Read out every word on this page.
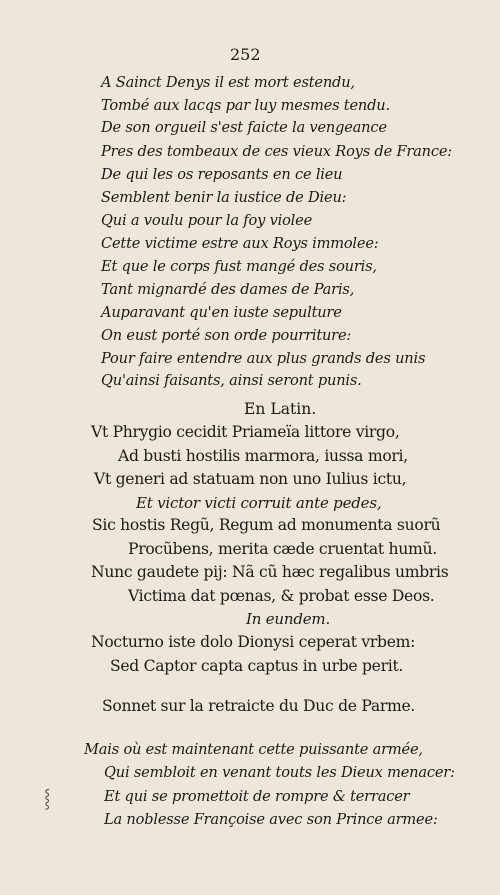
252
A Sainct Denys il est mort estendu,
Tombé aux lacqs par luy mesmes tendu.
De son orgueil s'est faicte la vengeance
Pres des tombeaux de ces vieux Roys de France:
De qui les os reposants en ce lieu
Semblent benir la iustice de Dieu:
Qui a voulu pour la foy violee
Cette victime estre aux Roys immolee:
Et que le corps fust mangé des souris,
Tant mignardé des dames de Paris,
Auparavant qu'en iuste sepulture
On eust porté son orde pourriture:
Pour faire entendre aux plus grands des unis
Qu'ainsi faisants, ainsi seront punis.
En Latin.
Vt Phrygio cecidit Priameïa littore virgo,
Ad busti hostilis marmora, iussa mori,
Vt generi ad statuam non uno Iulius ictu,
Et victor victi corruit ante pedes,
Sic hostis Regũ, Regum ad monumenta suorũ
Procũbens, merita cæde cruentat humũ.
Nunc gaudete pij: Nã cũ hæc regalibus umbris
Victima dat pœnas, & probat esse Deos.
In eundem.
Nocturno iste dolo Dionysi ceperat vrbem:
Sed Captor capta captus in urbe perit.
Sonnet sur la retraicte du Duc de Parme.
Mais où est maintenant cette puissante armée,
Qui sembloit en venant touts les Dieux menacer:
Et qui se promettoit de rompre & terracer
La noblesse Françoise avec son Prince armee:
⸾
